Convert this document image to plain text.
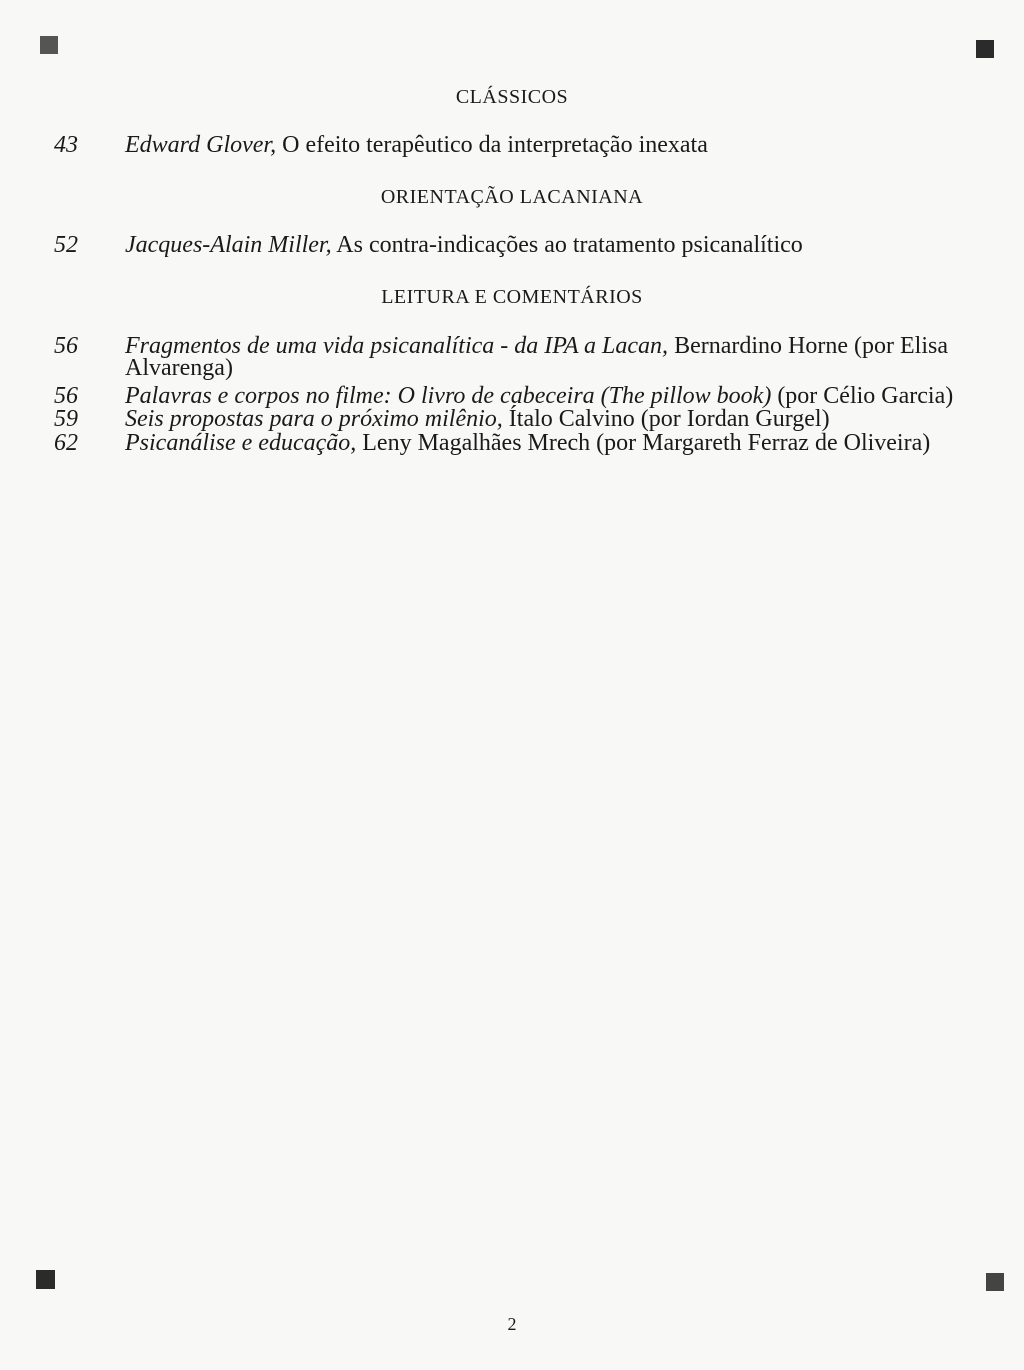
CLÁSSICOS
43	Edward Glover, O efeito terapêutico da interpretação inexata
ORIENTAÇÃO LACANIANA
52	Jacques-Alain Miller, As contra-indicações ao tratamento psicanalítico
LEITURA E COMENTÁRIOS
56	Fragmentos de uma vida psicanalítica - da IPA a Lacan, Bernardino Horne (por Elisa Alvarenga)
56	Palavras e corpos no filme: O livro de cabeceira (The pillow book) (por Célio Garcia)
59	Seis propostas para o próximo milênio, Ítalo Calvino (por Iordan Gurgel)
62	Psicanálise e educação, Leny Magalhães Mrech (por Margareth Ferraz de Oliveira)
2
